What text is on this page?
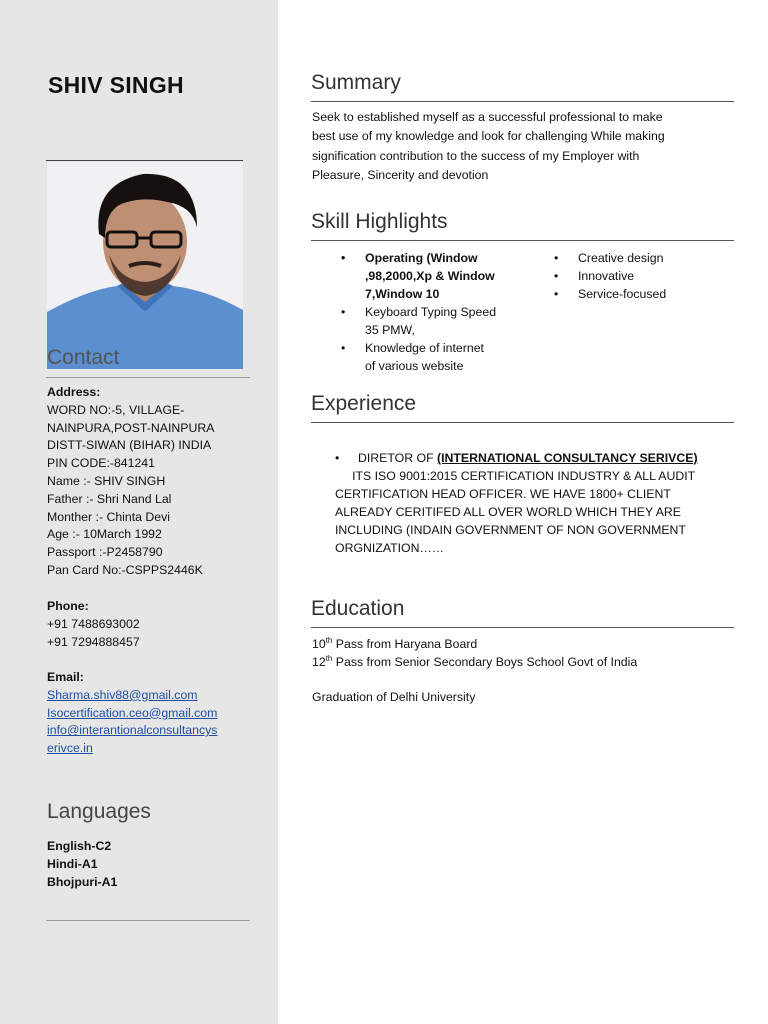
SHIV SINGH
Contact
Address:
WORD NO:-5, VILLAGE-
NAINPURA,POST-NAINPURA
DISTT-SIWAN (BIHAR) INDIA
PIN CODE:-841241
Name :- SHIV SINGH
Father :- Shri Nand Lal
Monther :- Chinta Devi
Age :- 10March 1992
Passport :-P2458790
Pan Card No:-CSPPS2446K
Phone:
+91 7488693002
+91 7294888457
Email:
Sharma.shiv88@gmail.com
Isocertification.ceo@gmail.com
info@interantionalconsultancys
erivce.in
Languages
English-C2
Hindi-A1
Bhojpuri-A1
Summary
Seek to established myself as a successful professional to make
best use of my knowledge and look for challenging While making
signification contribution to the success of my Employer with
Pleasure, Sincerity and devotion
Skill Highlights
• Operating (Window
,98,2000,Xp & Window
7,Window 10
• Keyboard Typing Speed
35 PMW,
• Knowledge of internet
of various website
• Creative design
• Innovative
• Service-focused
Experience
• DIRETOR OF (INTERNATIONAL CONSULTANCY SERIVCE)
ITS ISO 9001:2015 CERTIFICATION INDUSTRY & ALL AUDIT
CERTIFICATION HEAD OFFICER. WE HAVE 1800+ CLIENT
ALREADY CERITIFED ALL OVER WORLD WHICH THEY ARE
INCLUDING (INDAIN GOVERNMENT OF NON GOVERNMENT
ORGNIZATION……
Education
10th Pass from Haryana Board
12th Pass from Senior Secondary Boys School Govt of India
Graduation of Delhi University
